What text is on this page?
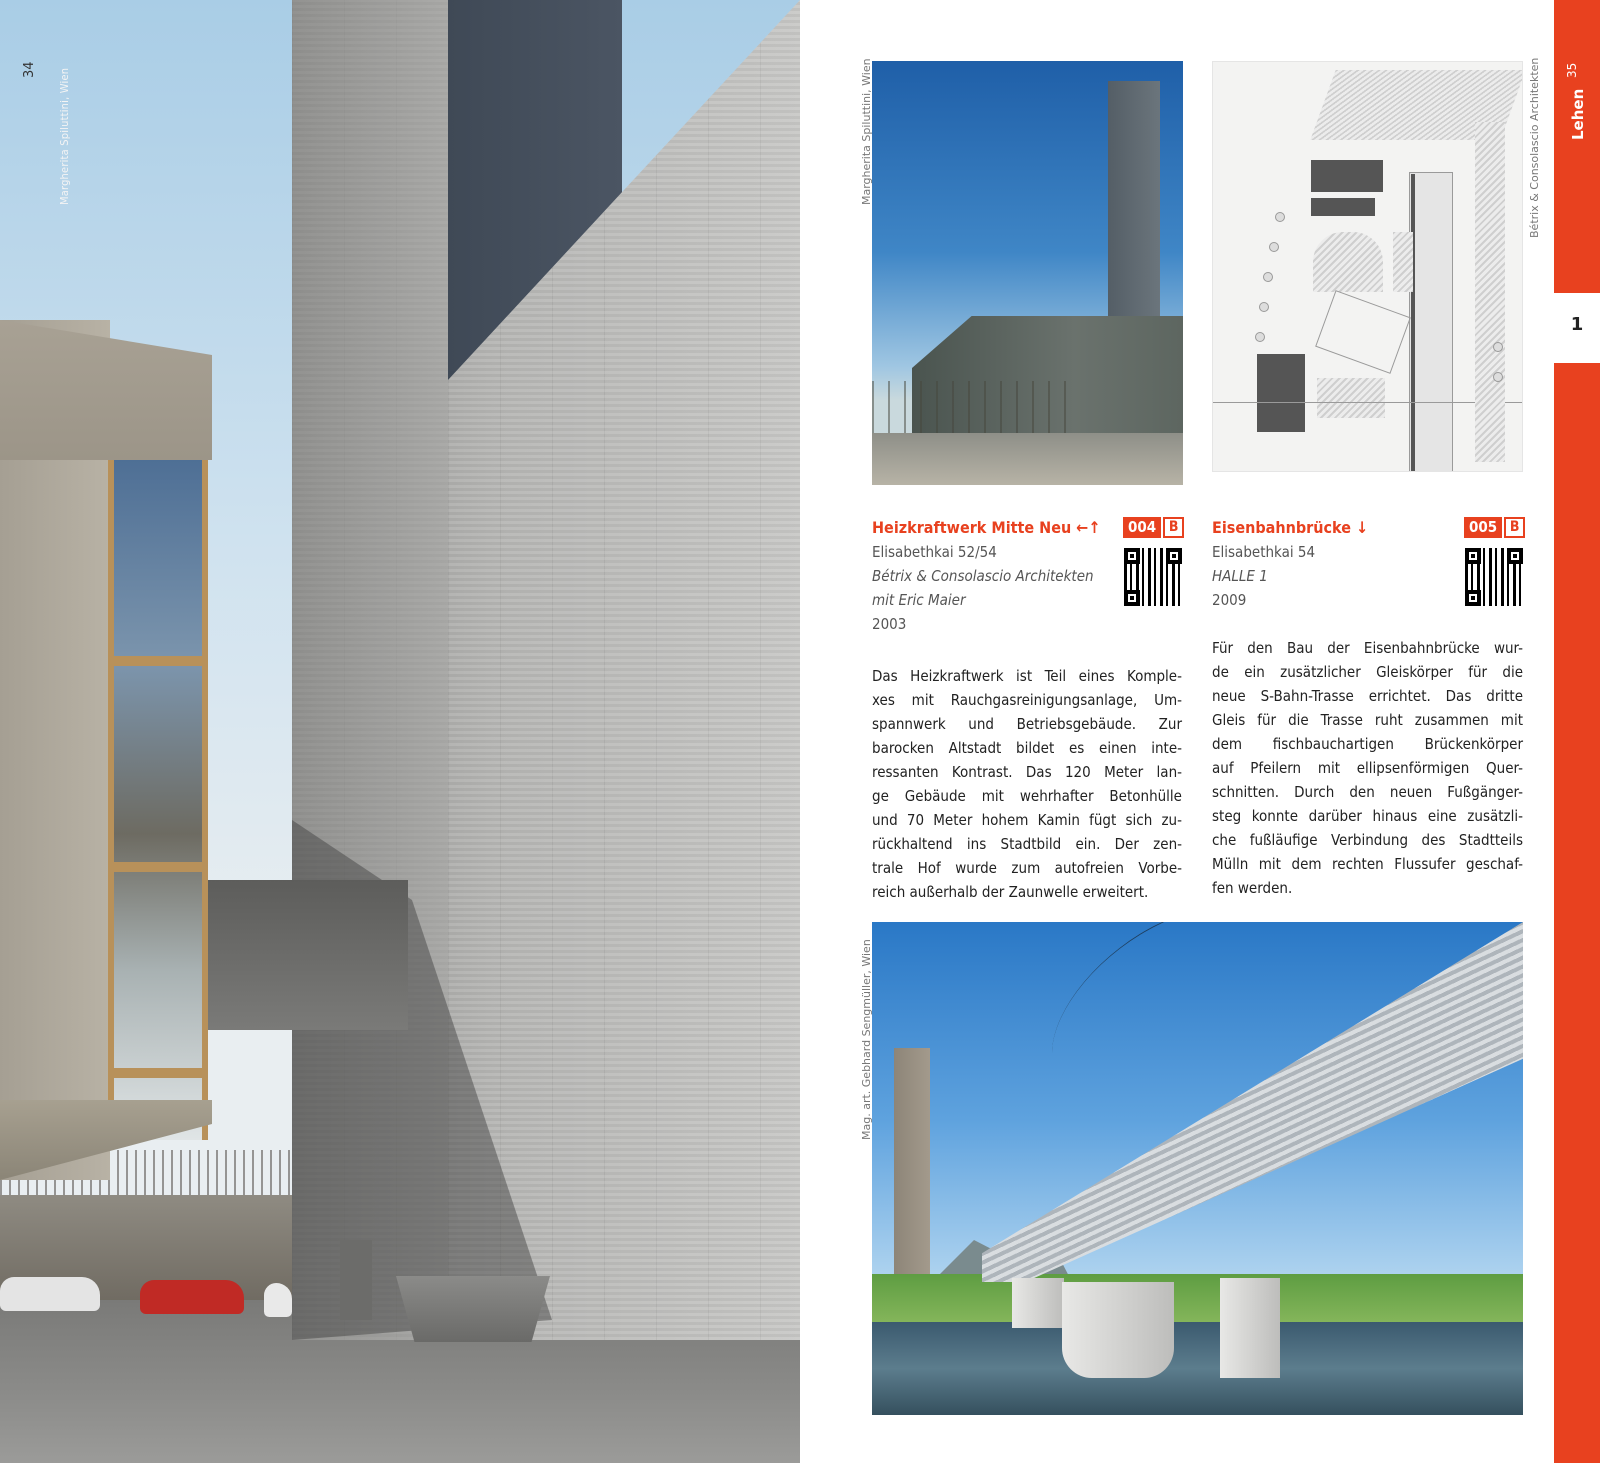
34 Margherita Spiluttini, Wien	Margherita Spiluttini, Wien	Bétrix & Consolascio Architekten
Heizkraftwerk Mitte Neu ←↑	004 B
Elisabethkai 52/54
Bétrix & Consolascio Architekten
mit Eric Maier
2003
Das Heizkraftwerk ist Teil eines Komple-
xes mit Rauchgasreinigungsanlage, Um-
spannwerk und Betriebsgebäude. Zur
barocken Altstadt bildet es einen inte-
ressanten Kontrast. Das 120 Meter lan-
ge Gebäude mit wehrhafter Betonhülle
und 70 Meter hohem Kamin fügt sich zu-
rückhaltend ins Stadtbild ein. Der zen-
trale Hof wurde zum autofreien Vorbe-
reich außerhalb der Zaunwelle erweitert.
Eisenbahnbrücke ↓	005 B
Elisabethkai 54
HALLE 1
2009
Für den Bau der Eisenbahnbrücke wur-
de ein zusätzlicher Gleiskörper für die
neue S-Bahn-Trasse errichtet. Das dritte
Gleis für die Trasse ruht zusammen mit
dem fischbauchartigen Brückenkörper
auf Pfeilern mit ellipsenförmigen Quer-
schnitten. Durch den neuen Fußgänger-
steg konnte darüber hinaus eine zusätzli-
che fußläufige Verbindung des Stadtteils
Mülln mit dem rechten Flussufer geschaf-
fen werden.
Mag. art. Gebhard Sengmüller, Wien
1
Lehen
35
